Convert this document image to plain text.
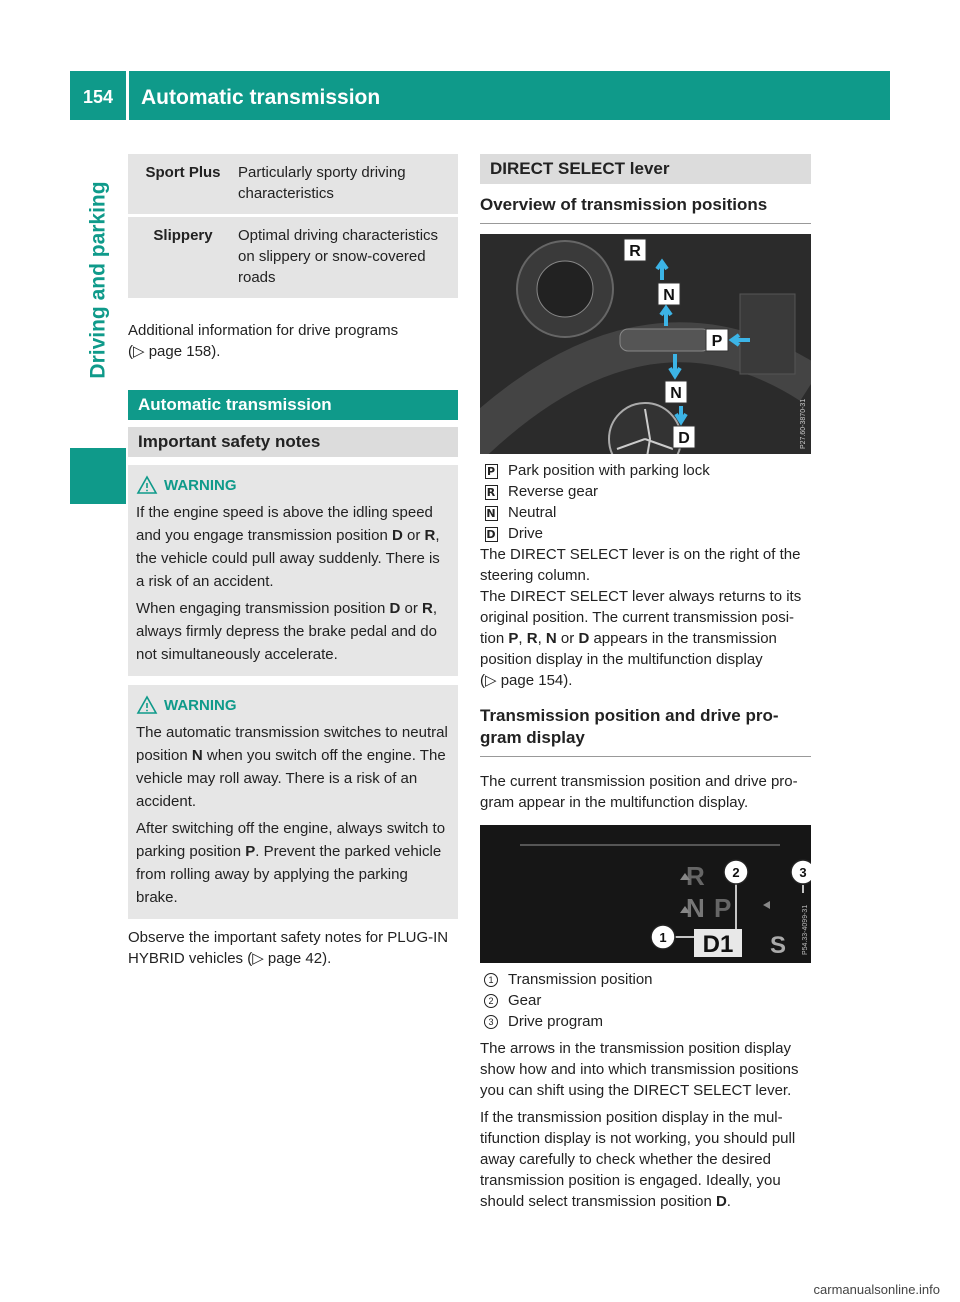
154	Automatic transmission
Driving and parking
Sport Plus	Particularly sporty driving characteristics
Slippery	Optimal driving characteristics on slippery or snow-covered roads
Additional information for drive programs
(▷ page 158).
Automatic transmission
Important safety notes
WARNING

If the engine speed is above the idling speed and you engage transmission position D or R, the vehicle could pull away suddenly. There is a risk of an accident.

When engaging transmission position D or R, always firmly depress the brake pedal and do not simultaneously accelerate.

WARNING

The automatic transmission switches to neutral position N when you switch off the engine. The vehicle may roll away. There is a risk of an accident.

After switching off the engine, always switch to parking position P. Prevent the parked vehicle from rolling away by applying the parking brake.

Observe the important safety notes for PLUG-IN HYBRID vehicles (▷ page 42).
DIRECT SELECT lever
Overview of transmission positions
R
N
P
N
D	P27.60-3870-31
P Park position with parking lock
R Reverse gear
N Neutral
D Drive
The DIRECT SELECT lever is on the right of the steering column.
The DIRECT SELECT lever always returns to its original position. The current transmission position P, R, N or D appears in the transmission position display in the multifunction display
(▷ page 154).
Transmission position and drive program display
The current transmission position and drive program appear in the multifunction display.
R
N P
S
D1
1
2	3
P54.33-4099-31
1 Transmission position
2 Gear
3 Drive program
The arrows in the transmission position display show how and into which transmission positions you can shift using the DIRECT SELECT lever.
If the transmission position display in the multifunction display is not working, you should pull away carefully to check whether the desired transmission position is engaged. Ideally, you should select transmission position D.
carmanualsonline.info
